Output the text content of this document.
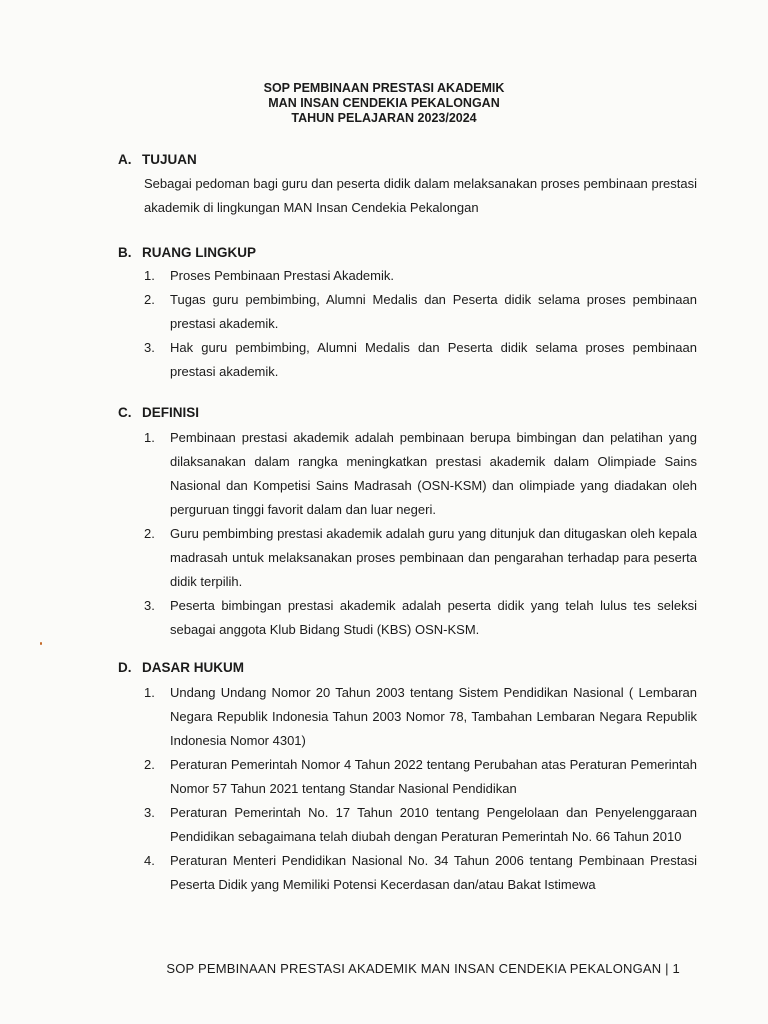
SOP PEMBINAAN PRESTASI AKADEMIK
MAN INSAN CENDEKIA PEKALONGAN
TAHUN PELAJARAN 2023/2024
A. TUJUAN
Sebagai pedoman bagi guru dan peserta didik dalam melaksanakan proses pembinaan prestasi akademik di lingkungan MAN Insan Cendekia Pekalongan
B. RUANG LINGKUP
1. Proses Pembinaan Prestasi Akademik.
2. Tugas guru pembimbing, Alumni Medalis dan Peserta didik selama proses pembinaan prestasi akademik.
3. Hak guru pembimbing, Alumni Medalis dan Peserta didik selama proses pembinaan prestasi akademik.
C. DEFINISI
1. Pembinaan prestasi akademik adalah pembinaan berupa bimbingan dan pelatihan yang dilaksanakan dalam rangka meningkatkan prestasi akademik dalam Olimpiade Sains Nasional dan Kompetisi Sains Madrasah (OSN-KSM) dan olimpiade yang diadakan oleh perguruan tinggi favorit dalam dan luar negeri.
2. Guru pembimbing prestasi akademik adalah guru yang ditunjuk dan ditugaskan oleh kepala madrasah untuk melaksanakan proses pembinaan dan pengarahan terhadap para peserta didik terpilih.
3. Peserta bimbingan prestasi akademik adalah peserta didik yang telah lulus tes seleksi sebagai anggota Klub Bidang Studi (KBS) OSN-KSM.
D. DASAR HUKUM
1. Undang Undang Nomor 20 Tahun 2003 tentang Sistem Pendidikan Nasional ( Lembaran Negara Republik Indonesia Tahun 2003 Nomor 78, Tambahan Lembaran Negara Republik Indonesia Nomor 4301)
2. Peraturan Pemerintah Nomor 4 Tahun 2022 tentang Perubahan atas Peraturan Pemerintah Nomor 57 Tahun 2021 tentang Standar Nasional Pendidikan
3. Peraturan Pemerintah No. 17 Tahun 2010 tentang Pengelolaan dan Penyelenggaraan Pendidikan sebagaimana telah diubah dengan Peraturan Pemerintah No. 66 Tahun 2010
4. Peraturan Menteri Pendidikan Nasional No. 34 Tahun 2006 tentang Pembinaan Prestasi Peserta Didik yang Memiliki Potensi Kecerdasan dan/atau Bakat Istimewa
SOP PEMBINAAN PRESTASI AKADEMIK MAN INSAN CENDEKIA PEKALONGAN | 1
